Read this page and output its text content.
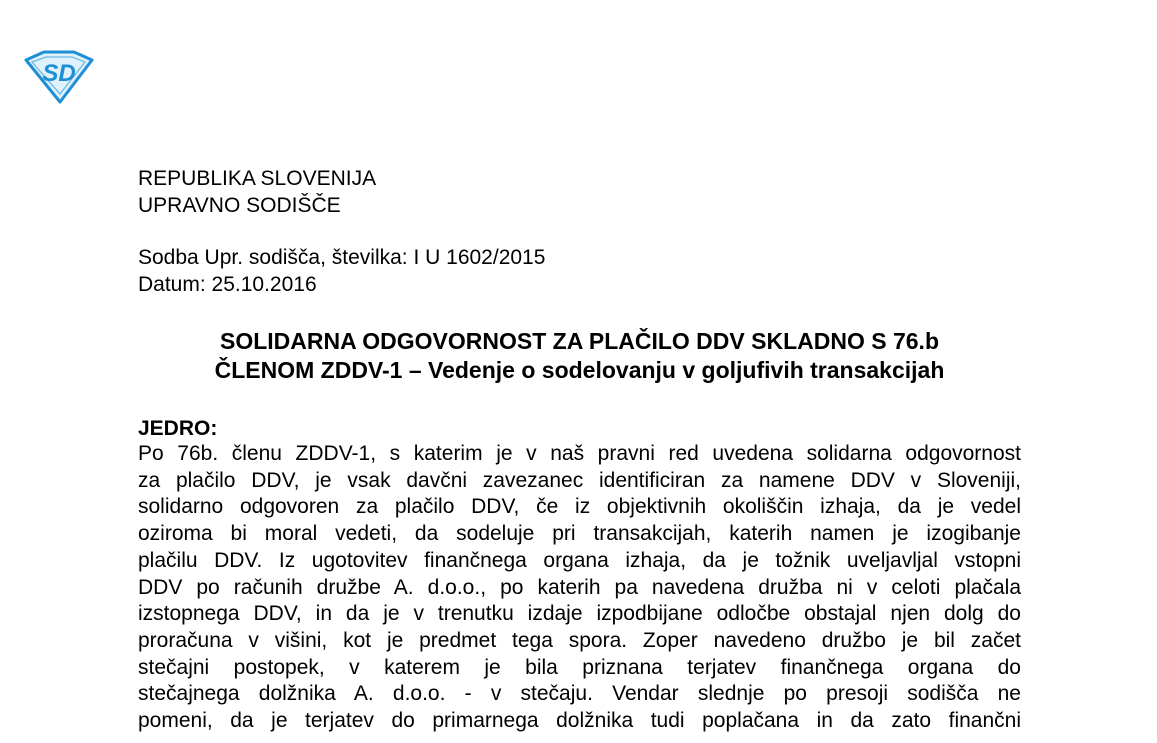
SD

REPUBLIKA SLOVENIJA

UPRAVNO SODIŠČE

Sodba Upr. sodišča, številka: I U 1602/2015

Datum: 25.10.2016

SOLIDARNA ODGOVORNOST ZA PLAČILO DDV SKLADNO S 76.b
ČLENOM ZDDV-1 – Vedenje o sodelovanju v goljufivih transakcijah

JEDRO:

Po 76b. členu ZDDV-1, s katerim je v naš pravni red uvedena solidarna odgovornost
za plačilo DDV, je vsak davčni zavezanec identificiran za namene DDV v Sloveniji,
solidarno odgovoren za plačilo DDV, če iz objektivnih okoliščin izhaja, da je vedel
oziroma bi moral vedeti, da sodeluje pri transakcijah, katerih namen je izogibanje
plačilu DDV. Iz ugotovitev finančnega organa izhaja, da je tožnik uveljavljal vstopni
DDV po računih družbe A. d.o.o., po katerih pa navedena družba ni v celoti plačala
izstopnega DDV, in da je v trenutku izdaje izpodbijane odločbe obstajal njen dolg do
proračuna v višini, kot je predmet tega spora. Zoper navedeno družbo je bil začet
stečajni postopek, v katerem je bila priznana terjatev finančnega organa do
stečajnega dolžnika A. d.o.o. - v stečaju. Vendar slednje po presoji sodišča ne
pomeni, da je terjatev do primarnega dolžnika tudi poplačana in da zato finančni
